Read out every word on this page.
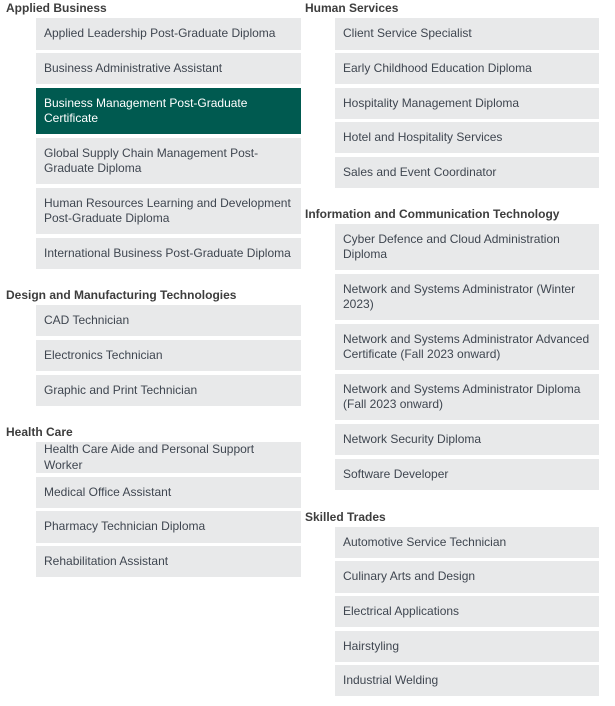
Applied Business
Applied Leadership Post-Graduate Diploma
Business Administrative Assistant
Business Management Post-Graduate Certificate
Global Supply Chain Management Post-Graduate Diploma
Human Resources Learning and Development Post-Graduate Diploma
International Business Post-Graduate Diploma
Design and Manufacturing Technologies
CAD Technician
Electronics Technician
Graphic and Print Technician
Health Care
Health Care Aide and Personal Support Worker
Medical Office Assistant
Pharmacy Technician Diploma
Rehabilitation Assistant
Human Services
Client Service Specialist
Early Childhood Education Diploma
Hospitality Management Diploma
Hotel and Hospitality Services
Sales and Event Coordinator
Information and Communication Technology
Cyber Defence and Cloud Administration Diploma
Network and Systems Administrator (Winter 2023)
Network and Systems Administrator Advanced Certificate (Fall 2023 onward)
Network and Systems Administrator Diploma (Fall 2023 onward)
Network Security Diploma
Software Developer
Skilled Trades
Automotive Service Technician
Culinary Arts and Design
Electrical Applications
Hairstyling
Industrial Welding
